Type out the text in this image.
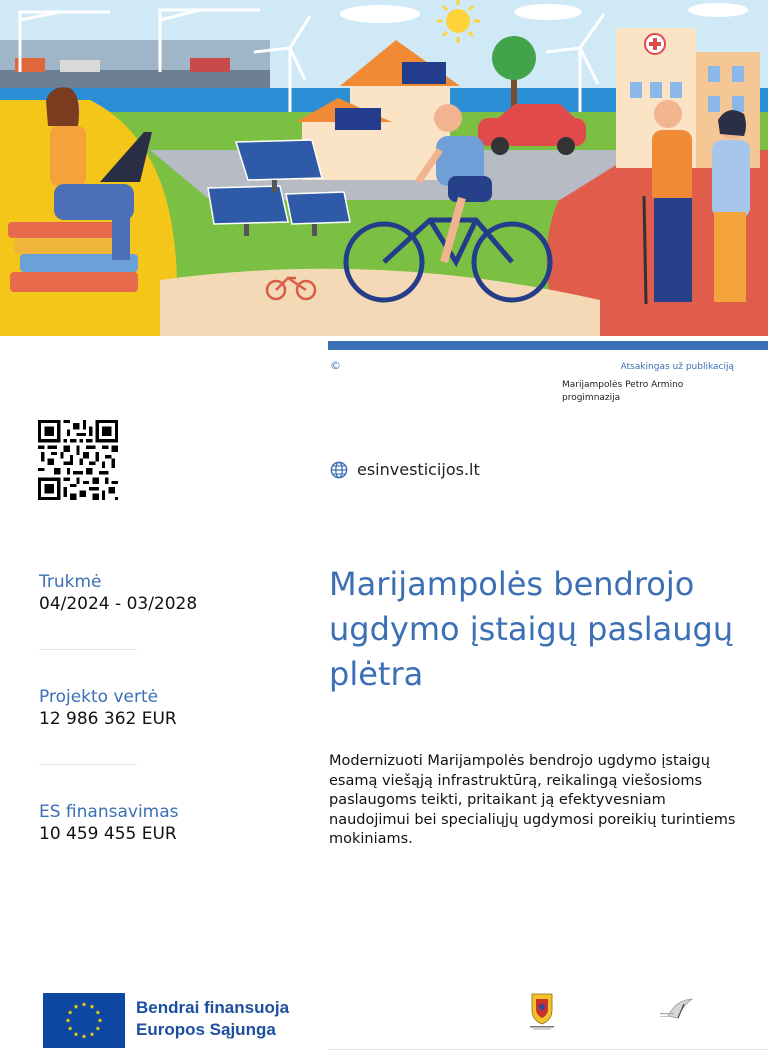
©	Atsakingas už publikaciją
Marijampolės Petro Armino progimnazija
esinvesticijos.lt
Trukmė
04/2024 - 03/2028
Projekto vertė
12 986 362 EUR
ES finansavimas
10 459 455 EUR
Marijampolės bendrojo ugdymo įstaigų paslaugų plėtra

Modernizuoti Marijampolės bendrojo ugdymo įstaigų esamą viešąją infrastruktūrą, reikalingą viešosioms paslaugoms teikti, pritaikant ją efektyvesniam naudojimui bei specialiųjų ugdymosi poreikių turintiems mokiniams.

Bendrai finansuoja
Europos Sąjunga
